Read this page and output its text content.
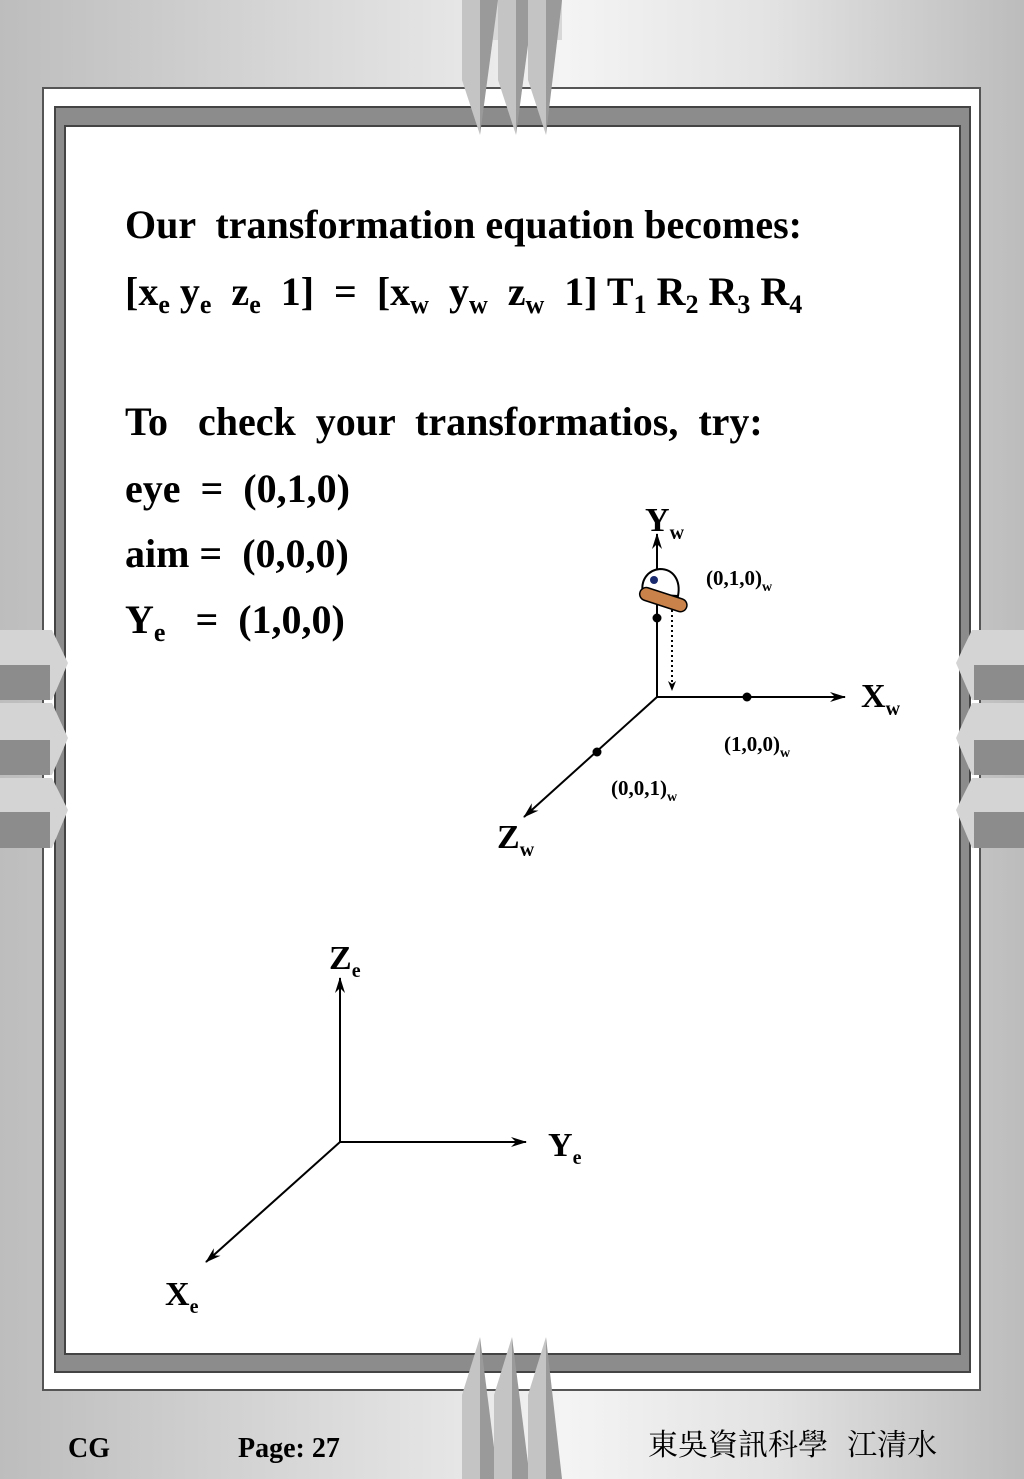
Our  transformation equation becomes:
[$x_e$ $y_e$  $z_e$  $1] = [x_w$  $y_w$  $z_w$  1] $T_1$ $R_2$ $R_3$ $R_4$
To   check  your  transformatios,  try:
eye  =  (0,1,0)
aim =  (0,0,0)
$Y_e = (1,0,0)$
$Y_w$
$X_w$
$Z_w$
$(0,1,0)_w$
$(1,0,0)_w$
$(0,0,1)_w$
$Z_e$
$Y_e$
$X_e$
CG	Page: 27	東吳資訊科學  江清水
